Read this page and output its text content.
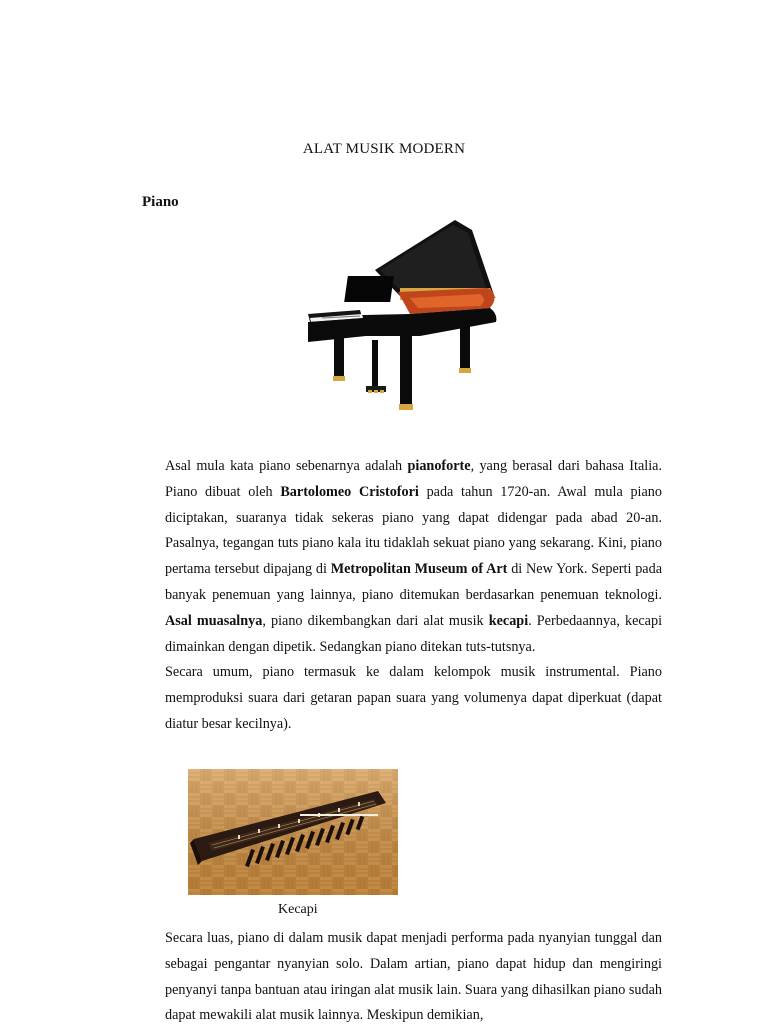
ALAT MUSIK MODERN
Piano

Asal mula kata piano sebenarnya adalah pianoforte, yang berasal dari bahasa Italia. Piano dibuat oleh Bartolomeo Cristofori pada tahun 1720-an. Awal mula piano diciptakan, suaranya tidak sekeras piano yang dapat didengar pada abad 20-an. Pasalnya, tegangan tuts piano kala itu tidaklah sekuat piano yang sekarang. Kini, piano pertama tersebut dipajang di Metropolitan Museum of Art di New York. Seperti pada banyak penemuan yang lainnya, piano ditemukan berdasarkan penemuan teknologi. Asal muasalnya, piano dikembangkan dari alat musik kecapi. Perbedaannya, kecapi dimainkan dengan dipetik. Sedangkan piano ditekan tuts-tutsnya.

Secara umum, piano termasuk ke dalam kelompok musik instrumental. Piano memproduksi suara dari getaran papan suara yang volumenya dapat diperkuat (dapat diatur besar kecilnya).

Kecapi

Secara luas, piano di dalam musik dapat menjadi performa pada nyanyian tunggal dan sebagai pengantar nyanyian solo. Dalam artian, piano dapat hidup dan mengiringi penyanyi tanpa bantuan atau iringan alat musik lain. Suara yang dihasilkan piano sudah dapat mewakili alat musik lainnya. Meskipun demikian,
